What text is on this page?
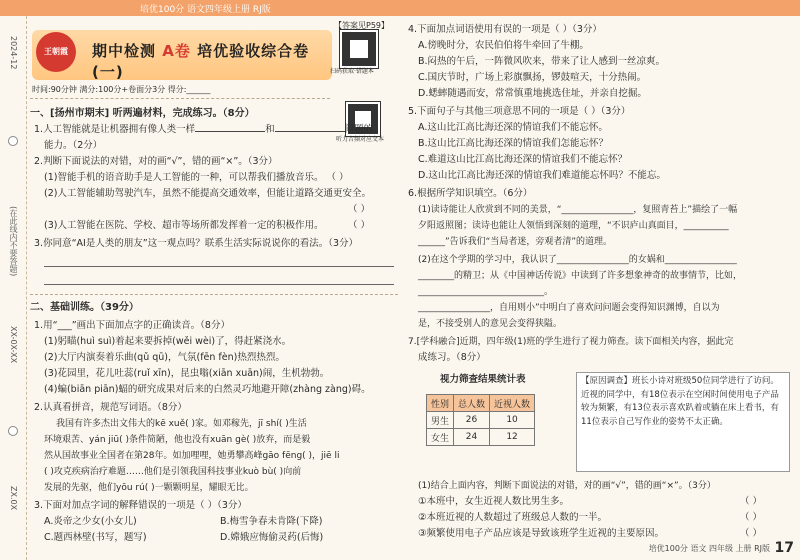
培优100分 语文四年级上册 RJ版
(在此线内不要答题)
2024-12
XX-0X-XX
ZX.0X
【答案见P59】
王朝霞	期中检测 A卷 培优验收综合卷(一)	扫码获取·错题本
时间:90分钟 满分:100分+卷面分3分 得分:______
听力音频对应文本
一、[扬州市期末] 听两遍材料，完成练习。（8分）
1.人工智能就是让机器拥有像人类一样	和	问题的
能力。（2分）
2.判断下面说法的对错，对的画“√”，错的画“×”。（3分）
(1)智能手机的语音助手是人工智能的一种，可以帮我们播放音乐。 （ ）
(2)人工智能辅助驾驶汽车，虽然不能提高交通效率，但能让道路交通更安全。
（ ）
(3)人工智能在医院、学校、超市等场所都发挥着一定的积极作用。	（ ）
3.你同意“AI是人类的朋友”这一观点吗？联系生活实际说说你的看法。（3分）
二、基础训练。（39分）
1.用“___”画出下面加点字的正确读音。（8分）
(1)躬瞄(huì suì)着起来要拆掉(wěi wèi)了，得赶紧浇水。
(2)大厅内演奏着乐曲(qǔ qū)，气氛(fēn fèn)热烈热烈。
(3)花园里，花儿吐蕊(ruǐ xīn)，昆虫嗡(xiān xuān)闹，生机勃勃。
(4)蝙(biān piān)蝠的研究成果对后来的白然灵巧地避开障(zhàng zàng)碍。
2.认真看拼音，规范写词语。（8分）
我国有许多杰出文伟大的kē xuě( )家。如邓稼先，jī shí( )生活
环境艰苦、yán jiū( )条件简陋，他也没有xuān gè( )放弃，而是毅
然从国故事业全国者在第28年。如加哩哩，她勇攀高峰gāo fēng( )，jiē li
( )攻克疾病治疗难题……他们是引领我国科技事业kuò bù( )向前
发展的先驱，他们yōu rú( )一颗颗明星，耀眼无比。
3.下面对加点字词的解释错误的一项是（ ）（3分）
A.炎帝之少女(小女儿)	B.梅雪争春未肯降(下降)
C.题西林壁(书写，题写)	D.嫦娥应悔偷灵药(后悔)
4.下面加点词语使用有误的一项是（ ）（3分）
A.傍晚时分，农民伯伯将牛牵回了牛棚。
B.闷热的午后，一阵微风吹来，带来了让人感到一丝凉爽。
C.国庆节时，广场上彩旗飘扬，锣鼓喧天，十分热闹。
D.蟋蟀随遇而安，常常慎重地挑选住址，并亲自挖掘。
5.下面句子与其他三项意思不同的一项是（ ）（3分）
A.这山比江高比海还深的情谊我们不能忘怀。
B.这山比江高比海还深的情谊我们怎能忘怀？
C.难道这山比江高比海还深的情谊我们不能忘怀？
D.这山比江高比海还深的情谊我们难道能忘怀吗？不能忘。
6.根据所学知识填空。（6分）
(1)读诗能让人欣赏到不同的美景，“________________，复照青苔上”描绘了一幅
夕阳返照图；读诗也能让人领悟到深刻的道理，“不识庐山真面目，__________
______”告诉我们“当局者迷，旁观者清”的道理。
(2)在这个学期的学习中，我认识了________________的女娲和________________
________的精卫；从《中国神话传说》中读到了许多想象神奇的故事情节，比如，
____________________________。
________________，自用则小”中明白了喜欢问问题会变得知识渊博，自以为
是，不接受别人的意见会变得狭隘。
7.[学科融合]近期，四年级(1)班的学生进行了视力筛查。读下面相关内容，据此完
成练习。（8分）
视力筛查结果统计表
性别	总人数	近视人数
男生	26	10
女生	24	12
【原因调查】班长小诗对班级50位同学进行了访问。近视的同学中，有18位表示在空闲时间使用电子产品较为频繁，有13位表示喜欢趴着或躺在床上看书，有11位表示自己写作业的姿势不太正确。
(1)结合上面内容，判断下面说法的对错，对的画“√”，错的画“×”。（3分）
①本班中，女生近视人数比男生多。	（ ）
②本班近视的人数超过了班级总人数的一半。	（ ）
③频繁使用电子产品应该是导致该班学生近视的主要原因。	（ ）
培优100分 语文 四年级 上册 RJ版 17
